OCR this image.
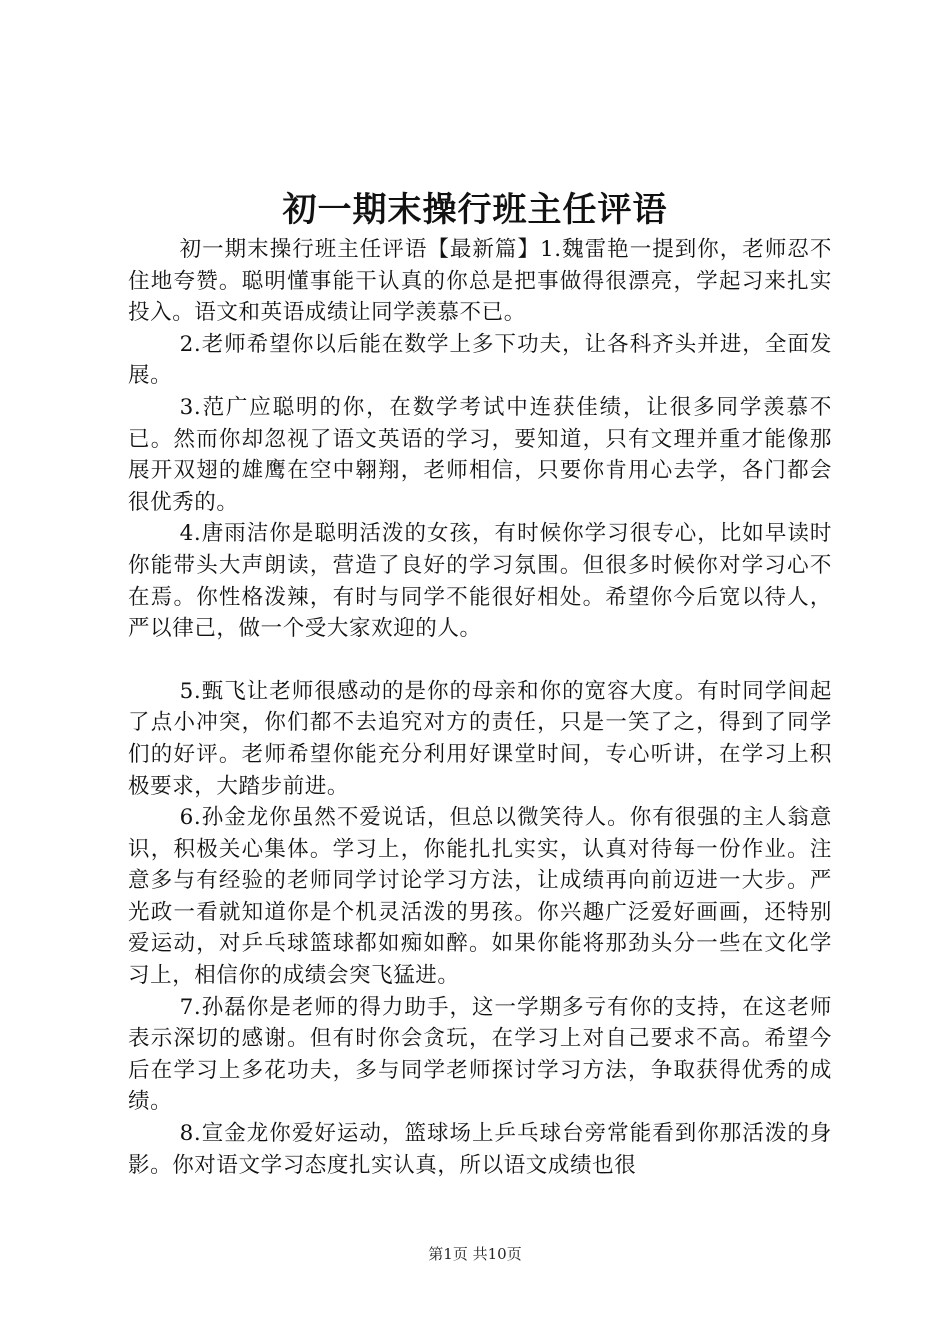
初一期末操行班主任评语

初一期末操行班主任评语【最新篇】1.魏雷艳一提到你，老师忍不住地夸赞。聪明懂事能干认真的你总是把事做得很漂亮，学起习来扎实投入。语文和英语成绩让同学羡慕不已。

2.老师希望你以后能在数学上多下功夫，让各科齐头并进，全面发展。

3.范广应聪明的你，在数学考试中连获佳绩，让很多同学羡慕不已。然而你却忽视了语文英语的学习，要知道，只有文理并重才能像那展开双翅的雄鹰在空中翱翔，老师相信，只要你肯用心去学，各门都会很优秀的。

4.唐雨洁你是聪明活泼的女孩，有时候你学习很专心，比如早读时你能带头大声朗读，营造了良好的学习氛围。但很多时候你对学习心不在焉。你性格泼辣，有时与同学不能很好相处。希望你今后宽以待人，严以律己，做一个受大家欢迎的人。

5.甄飞让老师很感动的是你的母亲和你的宽容大度。有时同学间起了点小冲突，你们都不去追究对方的责任，只是一笑了之，得到了同学们的好评。老师希望你能充分利用好课堂时间，专心听讲，在学习上积极要求，大踏步前进。

6.孙金龙你虽然不爱说话，但总以微笑待人。你有很强的主人翁意识，积极关心集体。学习上，你能扎扎实实，认真对待每一份作业。注意多与有经验的老师同学讨论学习方法，让成绩再向前迈进一大步。严光政一看就知道你是个机灵活泼的男孩。你兴趣广泛爱好画画，还特别爱运动，对乒乓球篮球都如痴如醉。如果你能将那劲头分一些在文化学习上，相信你的成绩会突飞猛进。

7.孙磊你是老师的得力助手，这一学期多亏有你的支持，在这老师表示深切的感谢。但有时你会贪玩，在学习上对自己要求不高。希望今后在学习上多花功夫，多与同学老师探讨学习方法，争取获得优秀的成绩。

8.宣金龙你爱好运动，篮球场上乒乓球台旁常能看到你那活泼的身影。你对语文学习态度扎实认真，所以语文成绩也很

第1页 共10页
